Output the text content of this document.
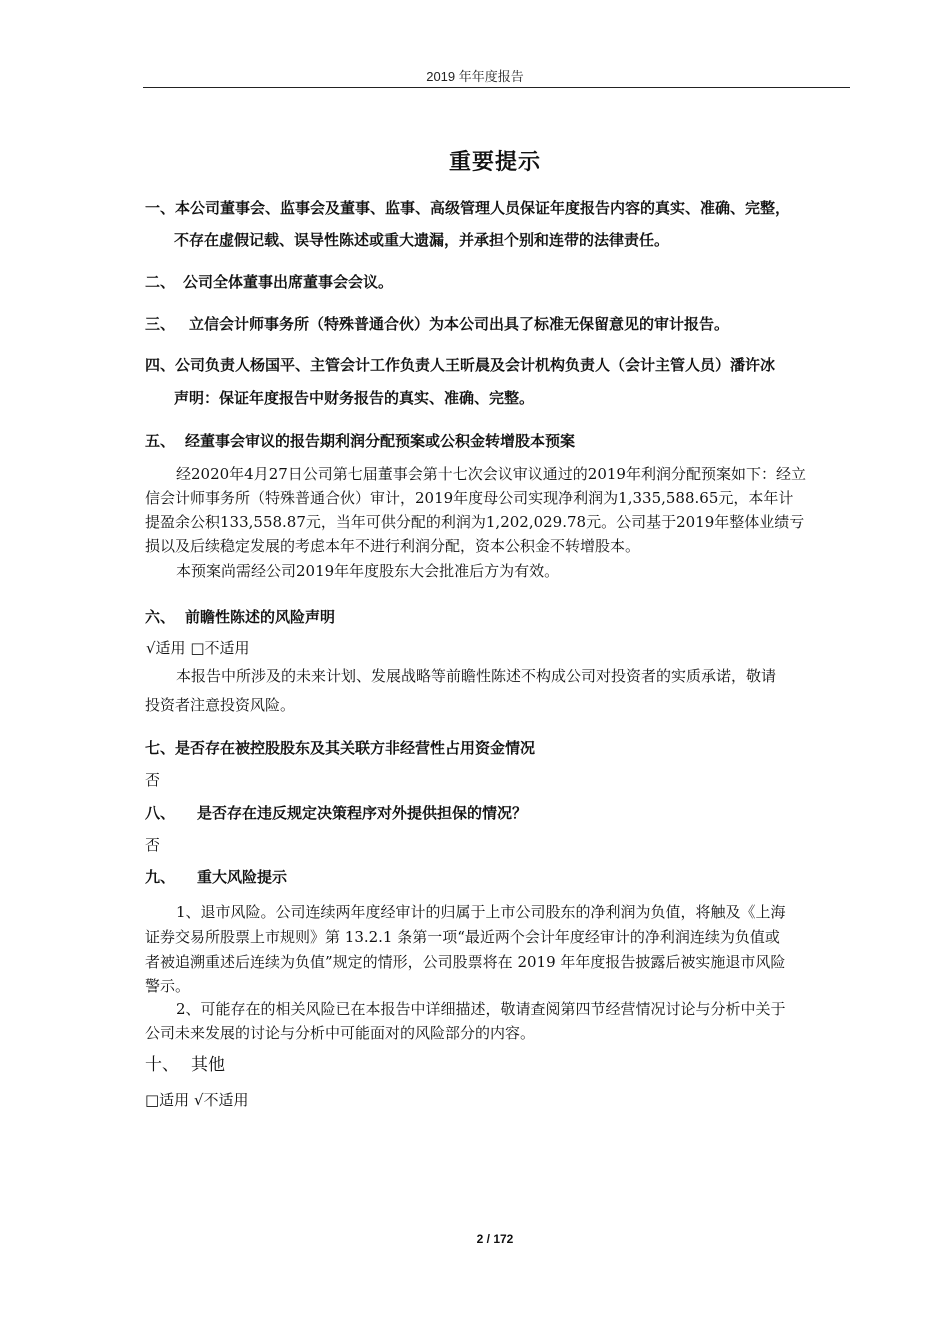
2019 年年度报告
重要提示
一、本公司董事会、监事会及董事、监事、高级管理人员保证年度报告内容的真实、准确、完整，
不存在虚假记载、误导性陈述或重大遗漏，并承担个别和连带的法律责任。
二、 公司全体董事出席董事会会议。
三、 立信会计师事务所（特殊普通合伙）为本公司出具了标准无保留意见的审计报告。
四、公司负责人杨国平、主管会计工作负责人王昕晨及会计机构负责人（会计主管人员）潘许冰
声明：保证年度报告中财务报告的真实、准确、完整。
五、 经董事会审议的报告期利润分配预案或公积金转增股本预案
经2020年4月27日公司第七届董事会第十七次会议审议通过的2019年利润分配预案如下：经立
信会计师事务所（特殊普通合伙）审计，2019年度母公司实现净利润为1,335,588.65元，本年计
提盈余公积133,558.87元，当年可供分配的利润为1,202,029.78元。公司基于2019年整体业绩亏
损以及后续稳定发展的考虑本年不进行利润分配，资本公积金不转增股本。
本预案尚需经公司2019年年度股东大会批准后方为有效。
六、 前瞻性陈述的风险声明
√适用 □不适用
本报告中所涉及的未来计划、发展战略等前瞻性陈述不构成公司对投资者的实质承诺，敬请
投资者注意投资风险。
七、是否存在被控股股东及其关联方非经营性占用资金情况
否
八、 是否存在违反规定决策程序对外提供担保的情况？
否
九、 重大风险提示
1、退市风险。公司连续两年度经审计的归属于上市公司股东的净利润为负值，将触及《上海
证券交易所股票上市规则》第 13.2.1 条第一项“最近两个会计年度经审计的净利润连续为负值或
者被追溯重述后连续为负值”规定的情形，公司股票将在 2019 年年度报告披露后被实施退市风险
警示。
2、可能存在的相关风险已在本报告中详细描述，敬请查阅第四节经营情况讨论与分析中关于
公司未来发展的讨论与分析中可能面对的风险部分的内容。
十、 其他
□适用 √不适用
2 / 172
